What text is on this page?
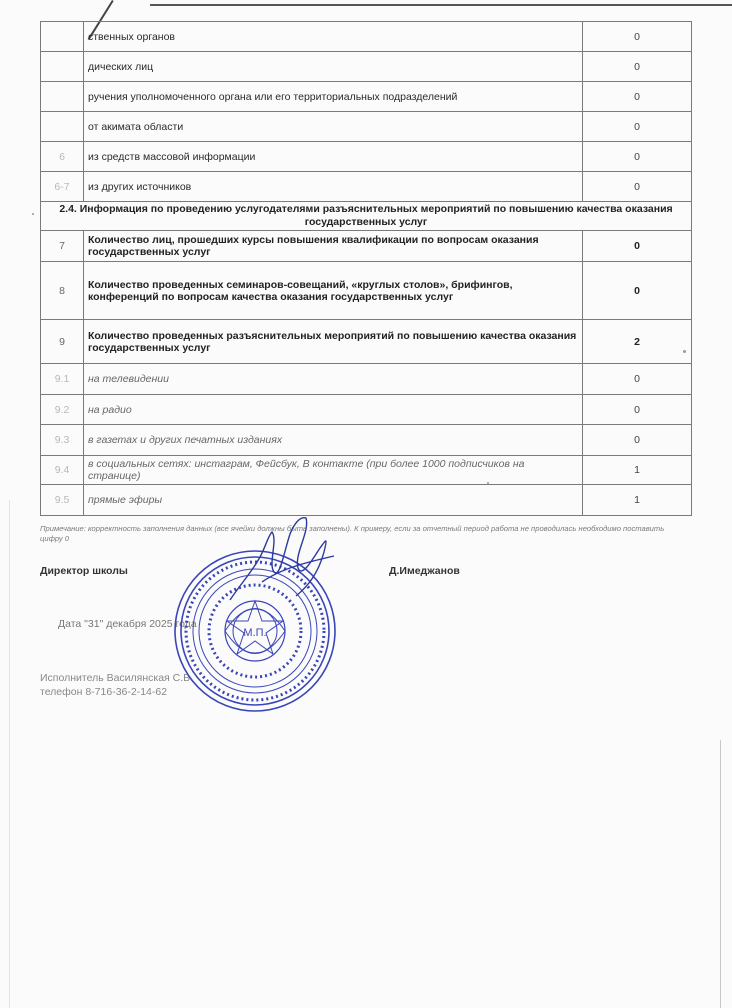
	ственных органов	0
	дических лиц	0
	ручения уполномоченного органа или его территориальных подразделений	0
	от акимата области	0
6	из средств массовой информации	0
6-7	из других источников	0
2.4. Информация по проведению услугодателями разъяснительных мероприятий по повышению качества оказания государственных услуг		
7	Количество лиц, прошедших курсы повышения квалификации по вопросам оказания государственных услуг	0
8	Количество проведенных семинаров-совещаний, «круглых столов», брифингов, конференций по вопросам качества оказания государственных услуг	0
9	Количество проведенных разъяснительных мероприятий по повышению качества оказания государственных услуг	2
9.1	на телевидении	0
9.2	на радио	0
9.3	в газетах и других печатных изданиях	0
9.4	в социальных сетях: инстаграм, Фейсбук, В контакте (при более 1000 подписчиков на странице)	1
9.5	прямые эфиры	1
Примечание: корректность заполнения данных (все ячейки должны быть заполнены). К примеру, если за отчетный период работа не проводилась необходимо поставить цифру 0
Директор школы	Д.Имеджанов
Дата "31" декабря 2025 года
Исполнитель Василянская С.В.
телефон 8-716-36-2-14-62
М.П.
